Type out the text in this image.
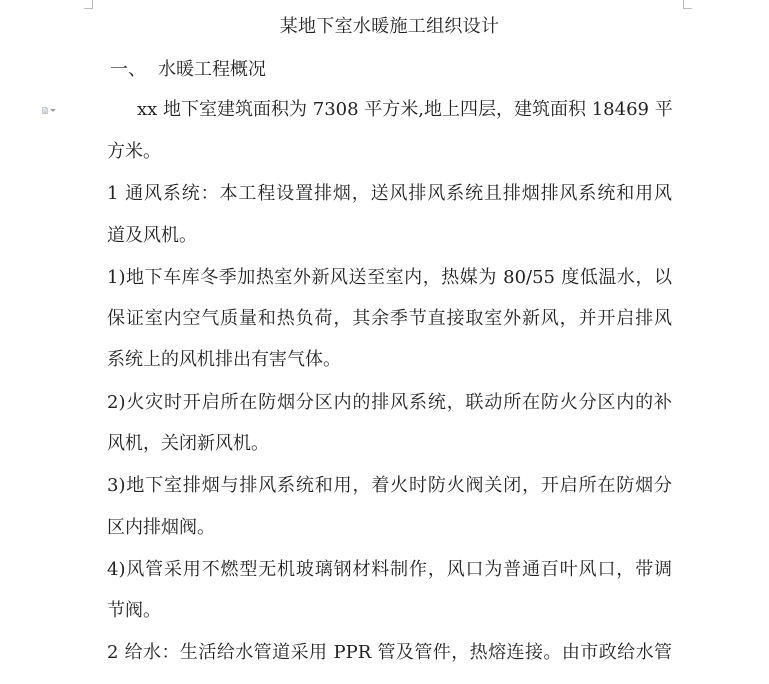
某地下室水暖施工组织设计
一、 水暖工程概况
xx 地下室建筑面积为 7308 平方米,地上四层，建筑面积 18469 平
方米。
1 通风系统：本工程设置排烟，送风排风系统且排烟排风系统和用风
道及风机。
1)地下车库冬季加热室外新风送至室内，热媒为 80/55 度低温水，以
保证室内空气质量和热负荷，其余季节直接取室外新风，并开启排风
系统上的风机排出有害气体。
2)火灾时开启所在防烟分区内的排风系统，联动所在防火分区内的补
风机，关闭新风机。
3)地下室排烟与排风系统和用，着火时防火阀关闭，开启所在防烟分
区内排烟阀。
4)风管采用不燃型无机玻璃钢材料制作，风口为普通百叶风口，带调
节阀。
2 给水：生活给水管道采用 PPR 管及管件，热熔连接。由市政给水管
